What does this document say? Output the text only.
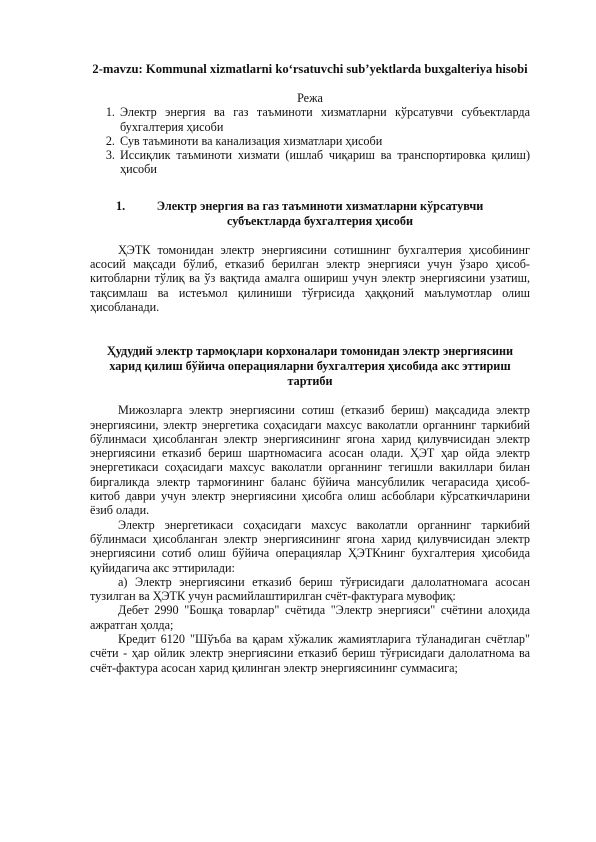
2-mavzu: Kommunal xizmatlarni ko‘rsatuvchi sub’yektlarda buxgalteriya hisobi
Режа
1. Электр энергия ва газ таъминоти хизматларни кўрсатувчи субъектларда бухгалтерия ҳисоби
2. Сув таъминоти ва канализация хизматлари ҳисоби
3. Иссиқлик таъминоти хизмати (ишлаб чиқариш ва транспортировка қилиш) ҳисоби
1.	Электр энергия ва газ таъминоти хизматларни кўрсатувчи субъектларда бухгалтерия ҳисоби

ҲЭТК томонидан электр энергиясини сотишнинг бухгалтерия ҳисобининг асосий мақсади бўлиб, етказиб берилган электр энергияси учун ўзаро ҳисоб-китобларни тўлиқ ва ўз вақтида амалга ошириш учун электр энергиясини узатиш, тақсимлаш ва истеъмол қилиниши тўғрисида ҳаққоний маълумотлар олиш ҳисобланади.

Ҳудудий электр тармоқлари корхоналари томонидан электр энергиясини харид қилиш бўйича операцияларни бухгалтерия ҳисобида акс эттириш тартиби

Мижозларга электр энергиясини сотиш (етказиб бериш) мақсадида электр энергиясини, электр энергетика соҳасидаги махсус ваколатли органнинг таркибий бўлинмаси ҳисобланган электр энергиясининг ягона харид қилувчисидан электр энергиясини етказиб бериш шартномасига асосан олади. ҲЭТ ҳар ойда электр энергетикаси соҳасидаги махсус ваколатли органнинг тегишли вакиллари билан биргаликда электр тармоғининг баланс бўйича мансублилик чегарасида ҳисоб-китоб даври учун электр энергиясини ҳисобга олиш асбоблари кўрсаткичларини ёзиб олади.

Электр энергетикаси соҳасидаги махсус ваколатли органнинг таркибий бўлинмаси ҳисобланган электр энергиясининг ягона харид қилувчисидан электр энергиясини сотиб олиш бўйича операциялар ҲЭТКнинг бухгалтерия ҳисобида қуйидагича акс эттирилади:

а) Электр энергиясини етказиб бериш тўғрисидаги далолатномага асосан тузилган ва ҲЭТК учун расмийлаштирилган счёт-фактурага мувофиқ:

Дебет 2990 "Бошқа товарлар" счётида "Электр энергияси" счётини алоҳида ажратган ҳолда;

Кредит 6120 "Шўъба ва қарам хўжалик жамиятларига тўланадиган счётлар" счёти - ҳар ойлик электр энергиясини етказиб бериш тўғрисидаги далолатнома ва счёт-фактура асосан харид қилинган электр энергиясининг суммасига;
